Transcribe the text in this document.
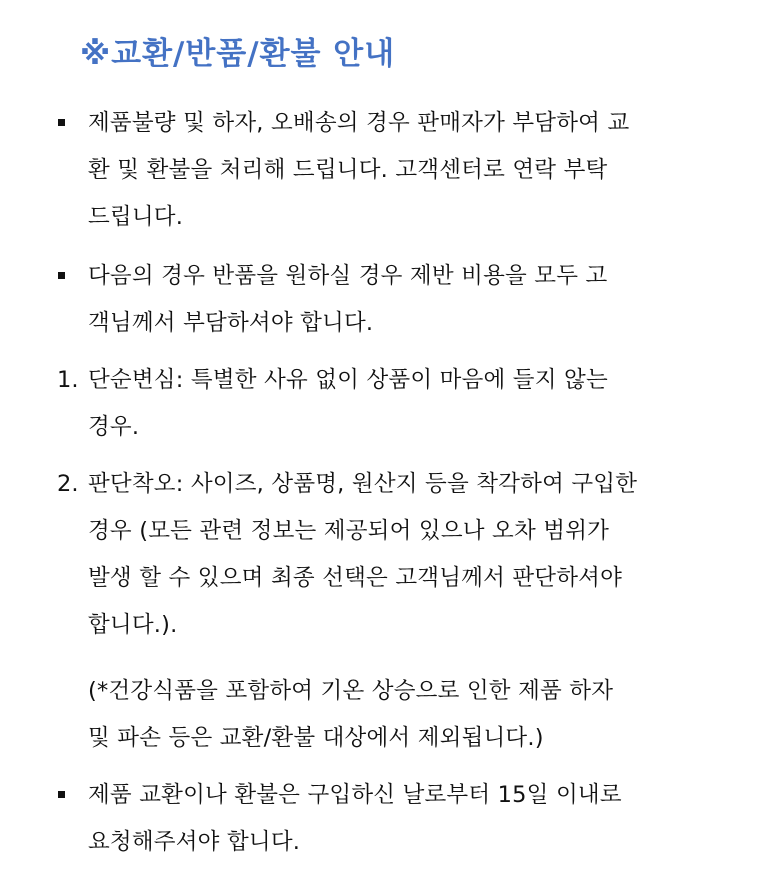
※교환/반품/환불 안내
제품불량 및 하자, 오배송의 경우 판매자가 부담하여 교
환 및 환불을 처리해 드립니다. 고객센터로 연락 부탁
드립니다.
다음의 경우 반품을 원하실 경우 제반 비용을 모두 고
객님께서 부담하셔야 합니다.
1. 단순변심: 특별한 사유 없이 상품이 마음에 들지 않는
경우.
2. 판단착오: 사이즈, 상품명, 원산지 등을 착각하여 구입한
경우 (모든 관련 정보는 제공되어 있으나 오차 범위가
발생 할 수 있으며 최종 선택은 고객님께서 판단하셔야
합니다.).
(*건강식품을 포함하여 기온 상승으로 인한 제품 하자
및 파손 등은 교환/환불 대상에서 제외됩니다.)
제품 교환이나 환불은 구입하신 날로부터 15일 이내로
요청해주셔야 합니다.
